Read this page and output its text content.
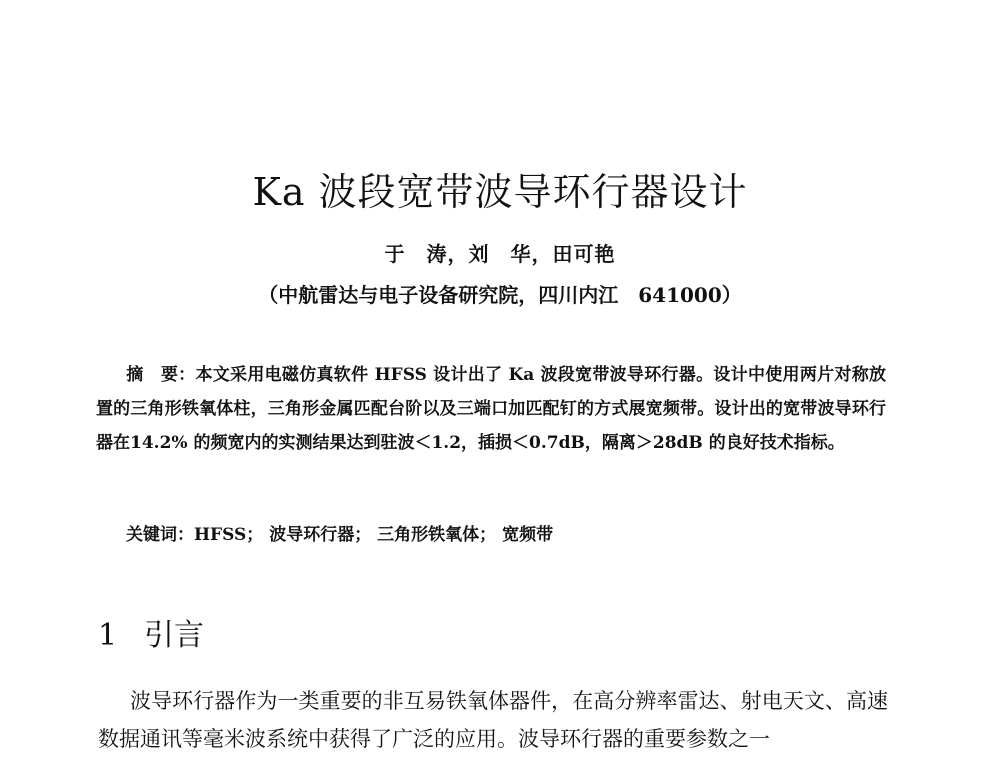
Ka 波段宽带波导环行器设计
于　涛，刘　华，田可艳
（中航雷达与电子设备研究院，四川内江　641000）
摘　要：本文采用电磁仿真软件 HFSS 设计出了 Ka 波段宽带波导环行器。设计中使用两片对称放置的三角形铁氧体柱，三角形金属匹配台阶以及三端口加匹配钉的方式展宽频带。设计出的宽带波导环行器在14.2% 的频宽内的实测结果达到驻波＜1.2，插损＜0.7dB，隔离＞28dB 的良好技术指标。
关键词：HFSS； 波导环行器； 三角形铁氧体； 宽频带
1 引言
波导环行器作为一类重要的非互易铁氧体器件，在高分辨率雷达、射电天文、高速数据通讯等毫米波系统中获得了广泛的应用。波导环行器的重要参数之一
